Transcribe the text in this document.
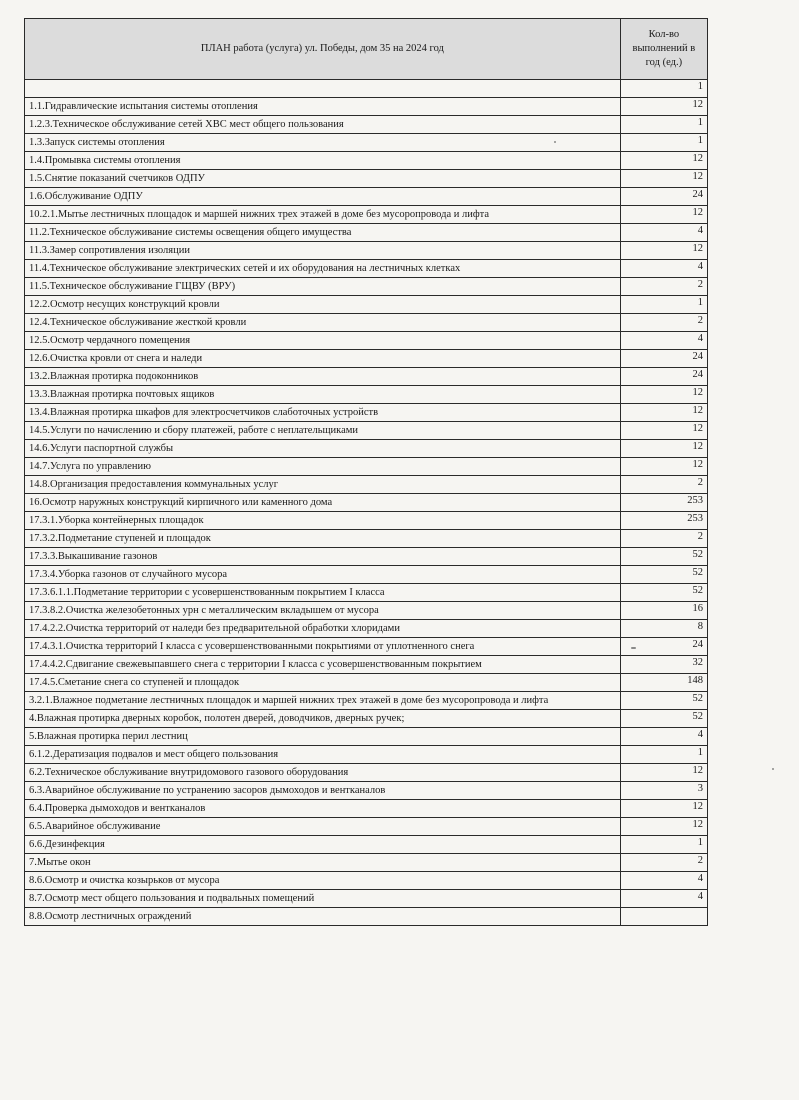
ПЛАН работа (услуга) ул. Победы, дом 35 на 2024 год	Кол-во выполнений в год (ед.)
	1
1.1.Гидравлические испытания системы отопления	12
1.2.3.Техническое обслуживание сетей ХВС мест общего пользования	1
1.3.Запуск системы отопления	1
1.4.Промывка системы отопления	12
1.5.Снятие показаний счетчиков ОДПУ	12
1.6.Обслуживание ОДПУ	24
10.2.1.Мытье лестничных площадок и маршей нижних трех этажей в доме без мусоропровода и лифта	12
11.2.Техническое обслуживание системы освещения общего имущества	4
11.3.Замер сопротивления изоляции	12
11.4.Техническое обслуживание электрических сетей и их оборудования на лестничных клетках	4
11.5.Техническое обслуживание ГЩВУ (ВРУ)	2
12.2.Осмотр несущих конструкций кровли	1
12.4.Техническое обслуживание жесткой кровли	2
12.5.Осмотр чердачного помещения	4
12.6.Очистка кровли от снега и наледи	24
13.2.Влажная протирка подоконников	24
13.3.Влажная протирка почтовых ящиков	12
13.4.Влажная протирка шкафов для электросчетчиков слаботочных устройств	12
14.5.Услуги по начислению и сбору платежей, работе с неплательщиками	12
14.6.Услуги паспортной службы	12
14.7.Услуга по управлению	12
14.8.Организация предоставления коммунальных услуг	2
16.Осмотр наружных конструкций кирпичного или каменного дома	253
17.3.1.Уборка контейнерных площадок	253
17.3.2.Подметание ступеней и площадок	2
17.3.3.Выкашивание газонов	52
17.3.4.Уборка газонов от случайного мусора	52
17.3.6.1.1.Подметание территории с усовершенствованным покрытием I класса	52
17.3.8.2.Очистка железобетонных урн с металлическим вкладышем от мусора	16
17.4.2.2.Очистка территорий от наледи без предварительной обработки хлоридами	8
17.4.3.1.Очистка территорий I класса с усовершенствованными покрытиями от уплотненного снега	24
17.4.4.2.Сдвигание свежевыпавшего снега с территории I класса с усовершенствованным покрытием	32
17.4.5.Сметание снега со ступеней и площадок	148
3.2.1.Влажное подметание лестничных площадок и маршей нижних трех этажей в доме без мусоропровода и лифта	52
4.Влажная протирка дверных коробок, полотен дверей, доводчиков, дверных ручек;	52
5.Влажная протирка перил лестниц	4
6.1.2.Дератизация подвалов и мест общего пользования	1
6.2.Техническое обслуживание внутридомового газового оборудования	12
6.3.Аварийное обслуживание по устранению засоров дымоходов и вентканалов	3
6.4.Проверка дымоходов и вентканалов	12
6.5.Аварийное обслуживание	12
6.6.Дезинфекция	1
7.Мытье окон	2
8.6.Осмотр и очистка козырьков от мусора	4
8.7.Осмотр мест общего пользования и подвальных помещений	4
8.8.Осмотр лестничных ограждений	
